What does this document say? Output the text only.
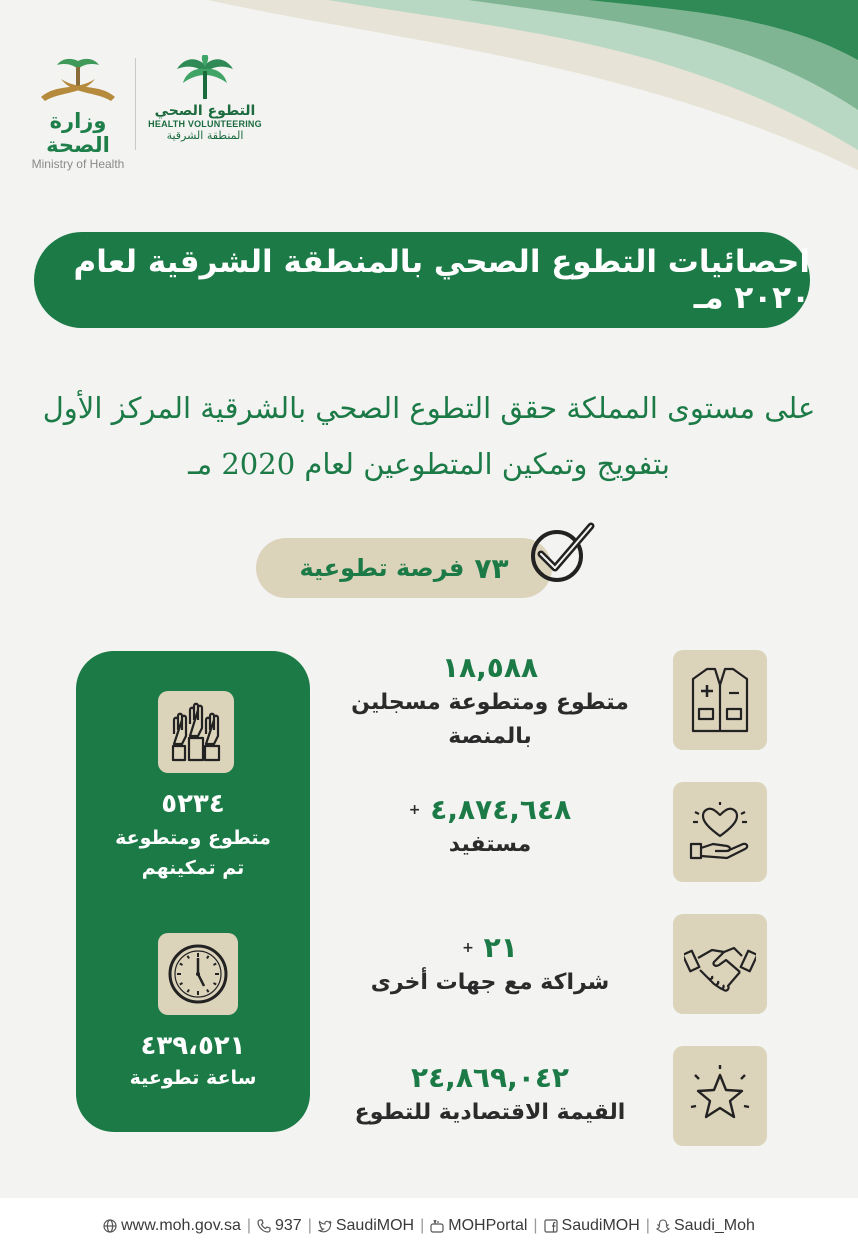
وزارة الصحة
Ministry of Health
التطوع الصحي
HEALTH VOLUNTEERING
المنطقة الشرقية
احصائيات التطوع الصحي بالمنطقة الشرقية لعام ٢٠٢٠ مـ
على مستوى المملكة حقق التطوع الصحي بالشرقية المركز الأول
بتفويج وتمكين المتطوعين لعام 2020 مـ
٧٣
فرصة تطوعية
٥٢٣٤
متطوع ومتطوعة
تم تمكينهم
٤٣٩،٥٢١
ساعة تطوعية
١٨,٥٨٨
متطوع ومتطوعة مسجلين
بالمنصة
٤,٨٧٤,٦٤٨ +
مستفيد
٢١ +
شراكة مع جهات أخرى
٢٤,٨٦٩,٠٤٢
القيمة الاقتصادية للتطوع
www.moh.gov.sa | 937 | SaudiMOH | MOHPortal | SaudiMOH | Saudi_Moh
